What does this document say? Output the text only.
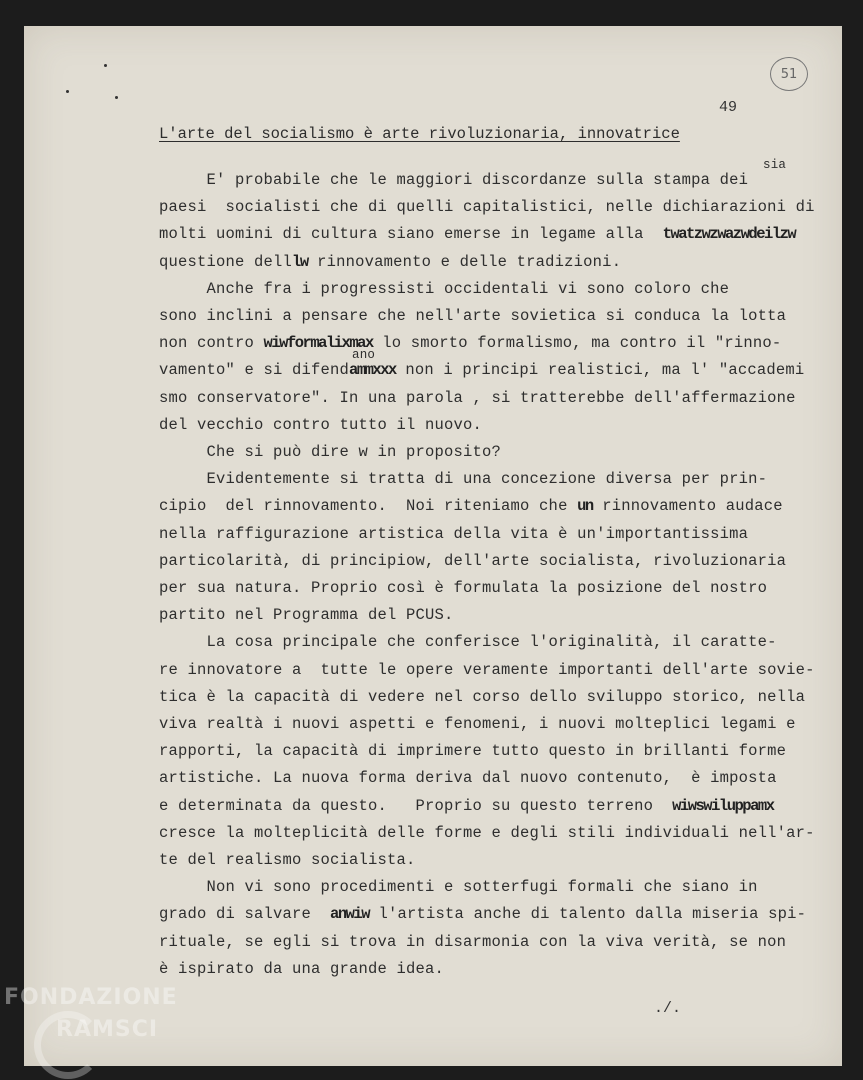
51
49
L'arte del socialismo è arte rivoluzionaria, innovatrice
E' probabile che le maggiori discordanze sulla stampa dei
sia
paesi  socialisti che di quelli capitalistici, nelle dichiarazioni di
molti uomini di cultura siano emerse in legame alla  twatzwzwazwdeilzw
questione delllw rinnovamento e delle tradizioni.
Anche fra i progressisti occidentali vi sono coloro che
sono inclini a pensare che nell'arte sovietica si conduca la lotta
non contro wiwformalixmax lo smorto formalismo, ma contro il "rinno-
vamento" e si difendammxxx non i principi realistici, ma l' "accademi
ano
smo conservatore". In una parola , si tratterebbe dell'affermazione
del vecchio contro tutto il nuovo.
Che si può dire w in proposito?
Evidentemente si tratta di una concezione diversa per prin-
cipio  del rinnovamento.  Noi riteniamo che un rinnovamento audace
nella raffigurazione artistica della vita è un'importantissima
particolarità, di principiow, dell'arte socialista, rivoluzionaria
per sua natura. Proprio così è formulata la posizione del nostro
partito nel Programma del PCUS.
La cosa principale che conferisce l'originalità, il caratte-
re innovatore a  tutte le opere veramente importanti dell'arte sovie-
tica è la capacità di vedere nel corso dello sviluppo storico, nella
viva realtà i nuovi aspetti e fenomeni, i nuovi molteplici legami e
rapporti, la capacità di imprimere tutto questo in brillanti forme
artistiche. La nuova forma deriva dal nuovo contenuto,  è imposta
e determinata da questo.   Proprio su questo terreno  wiwswiluppamx
cresce la molteplicità delle forme e degli stili individuali nell'ar-
te del realismo socialista.
Non vi sono procedimenti e sotterfugi formali che siano in
grado di salvare  anwiw l'artista anche di talento dalla miseria spi-
rituale, se egli si trova in disarmonia con la viva verità, se non
è ispirato da una grande idea.
./.
FONDAZIONE
RAMSCI
